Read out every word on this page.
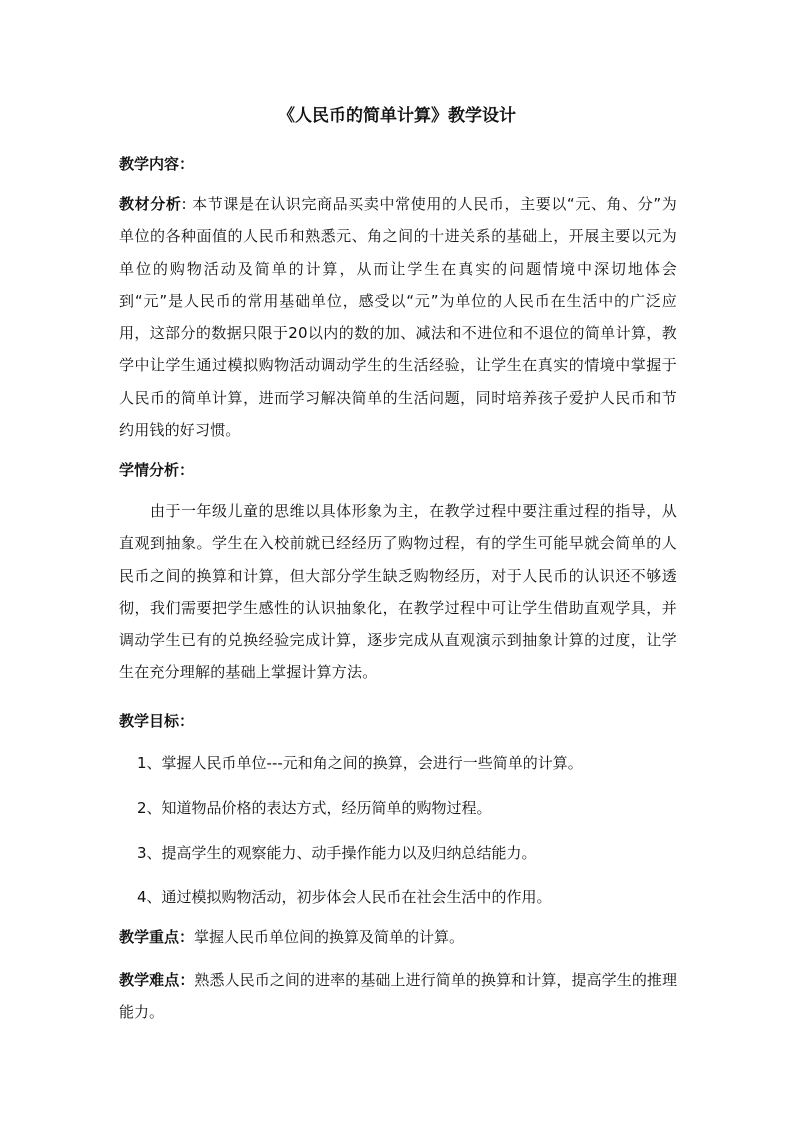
《人民币的简单计算》教学设计
教学内容：
教材分析: 本节课是在认识完商品买卖中常使用的人民币，主要以“元、角、分”为单位的各种面值的人民币和熟悉元、角之间的十进关系的基础上，开展主要以元为单位的购物活动及简单的计算，从而让学生在真实的问题情境中深切地体会到“元”是人民币的常用基础单位，感受以“元”为单位的人民币在生活中的广泛应用，这部分的数据只限于20以内的数的加、减法和不进位和不退位的简单计算，教学中让学生通过模拟购物活动调动学生的生活经验，让学生在真实的情境中掌握于人民币的简单计算，进而学习解决简单的生活问题，同时培养孩子爱护人民币和节约用钱的好习惯。
学情分析：
由于一年级儿童的思维以具体形象为主，在教学过程中要注重过程的指导，从直观到抽象。学生在入校前就已经经历了购物过程，有的学生可能早就会简单的人民币之间的换算和计算，但大部分学生缺乏购物经历，对于人民币的认识还不够透彻，我们需要把学生感性的认识抽象化，在教学过程中可让学生借助直观学具，并调动学生已有的兑换经验完成计算，逐步完成从直观演示到抽象计算的过度，让学生在充分理解的基础上掌握计算方法。
教学目标：
1、掌握人民币单位---元和角之间的换算，会进行一些简单的计算。
2、知道物品价格的表达方式，经历简单的购物过程。
3、提高学生的观察能力、动手操作能力以及归纳总结能力。
4、通过模拟购物活动，初步体会人民币在社会生活中的作用。
教学重点：掌握人民币单位间的换算及简单的计算。
教学难点：熟悉人民币之间的进率的基础上进行简单的换算和计算，提高学生的推理能力。
